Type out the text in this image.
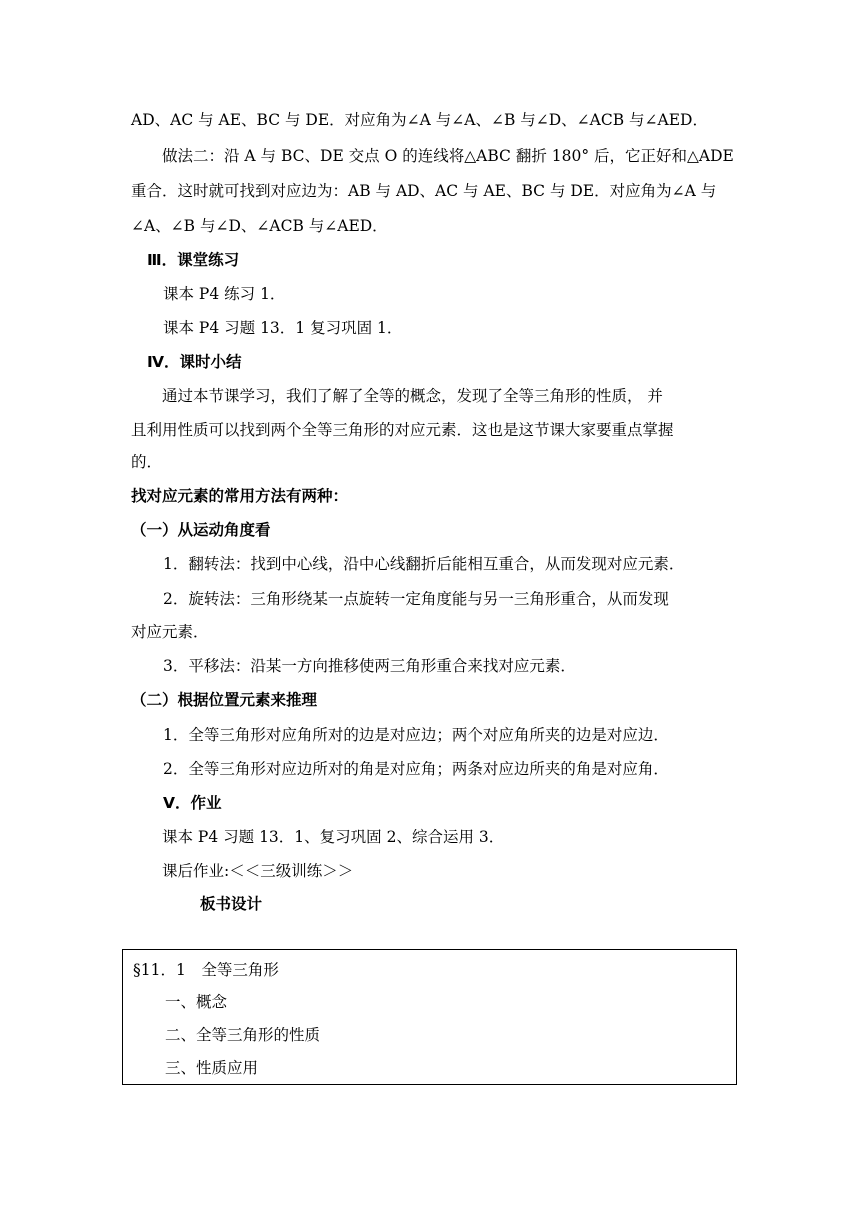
AD、AC 与 AE、BC 与 DE．对应角为∠A 与∠A、∠B 与∠D、∠ACB 与∠AED．
做法二：沿 A 与 BC、DE 交点 O 的连线将△ABC 翻折 180° 后，它正好和△ADE
重合．这时就可找到对应边为：AB 与 AD、AC 与 AE、BC 与 DE．对应角为∠A 与
∠A、∠B 与∠D、∠ACB 与∠AED．
Ⅲ．课堂练习
课本 P4 练习 1．
课本 P4 习题 13．1 复习巩固 1．
Ⅳ．课时小结
通过本节课学习，我们了解了全等的概念，发现了全等三角形的性质， 并
且利用性质可以找到两个全等三角形的对应元素．这也是这节课大家要重点掌握
的．
找对应元素的常用方法有两种：
（一）从运动角度看
1．翻转法：找到中心线，沿中心线翻折后能相互重合，从而发现对应元素．
2．旋转法：三角形绕某一点旋转一定角度能与另一三角形重合，从而发现
对应元素．
3．平移法：沿某一方向推移使两三角形重合来找对应元素．
（二）根据位置元素来推理
1．全等三角形对应角所对的边是对应边；两个对应角所夹的边是对应边．
2．全等三角形对应边所对的角是对应角；两条对应边所夹的角是对应角．
Ⅴ．作业
课本 P4 习题 13．1、复习巩固 2、综合运用 3．
课后作业:＜＜三级训练＞＞
板书设计
§11．1　全等三角形
一、概念
二、全等三角形的性质
三、性质应用
